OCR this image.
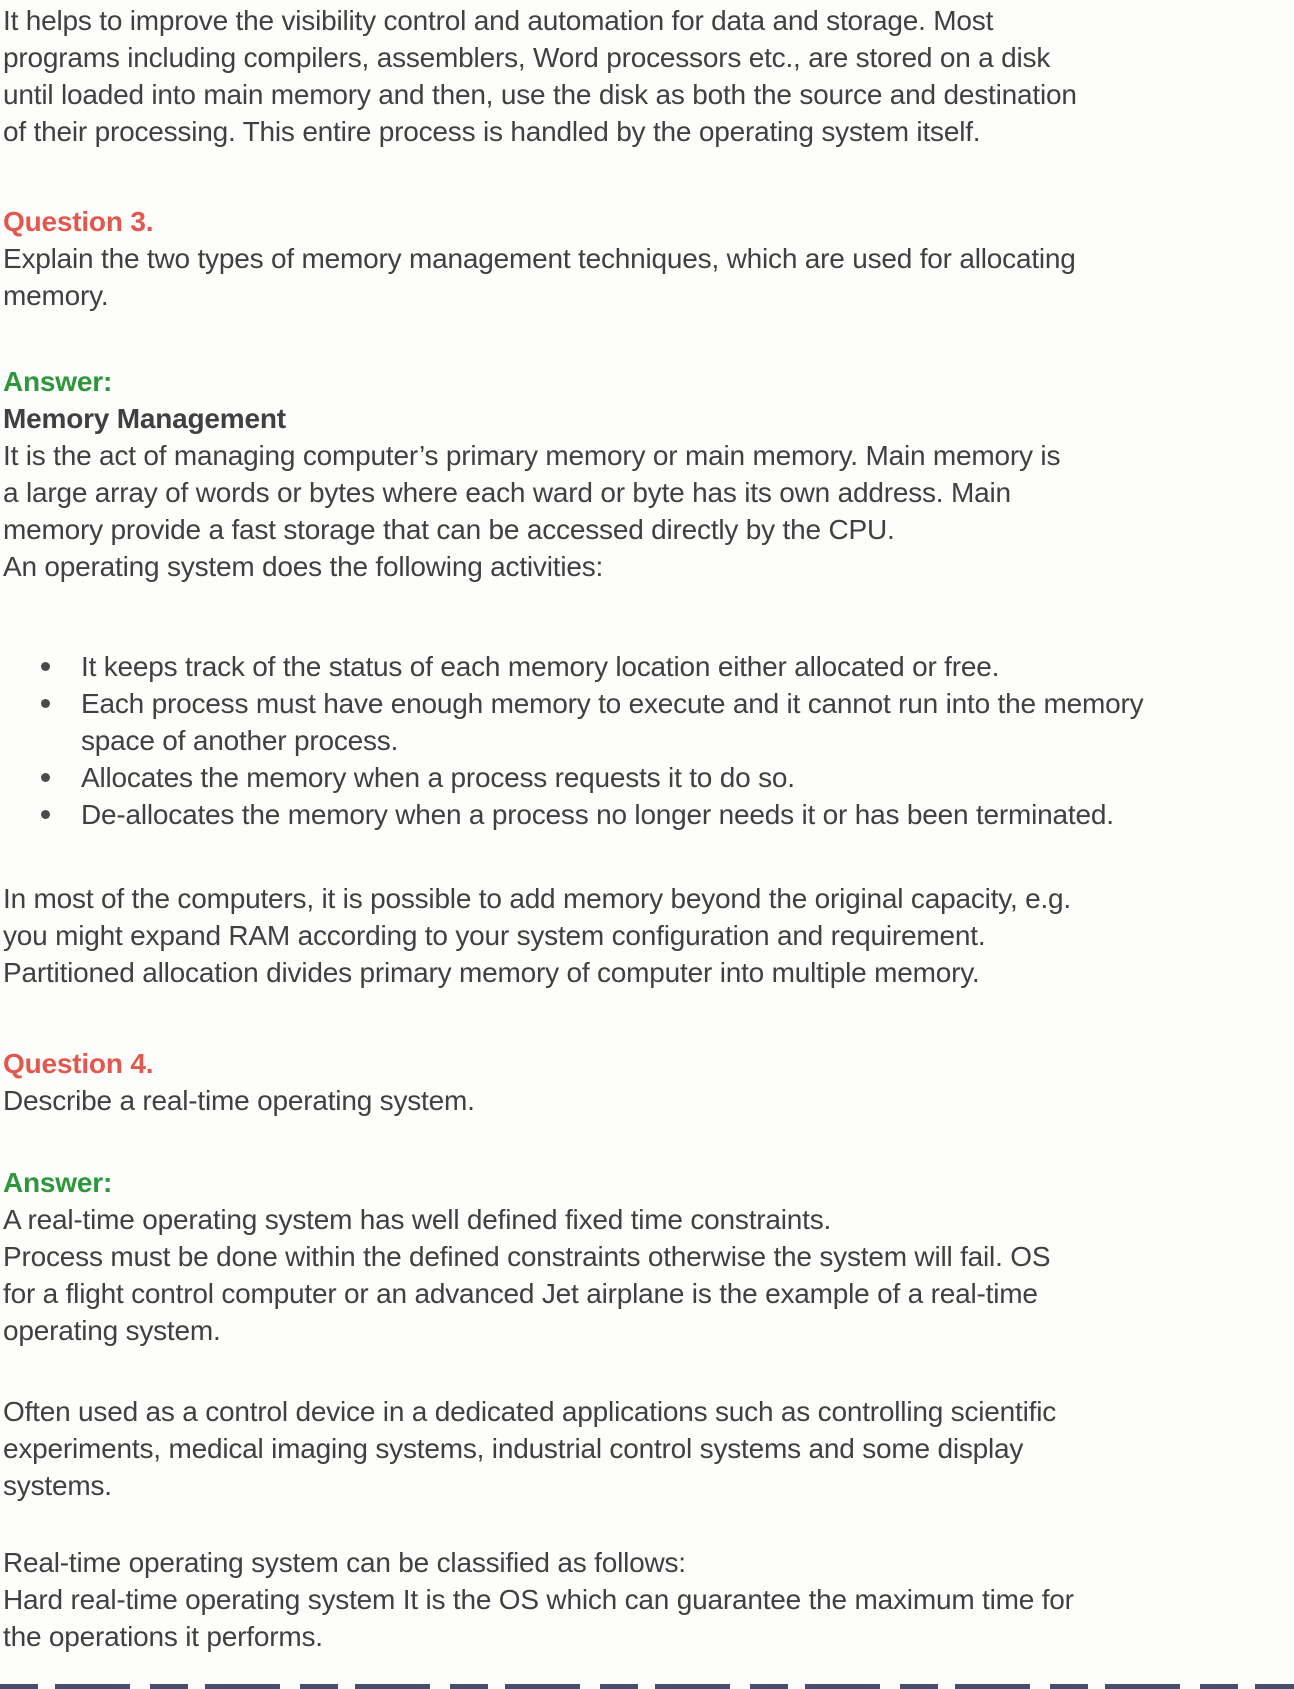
It helps to improve the visibility control and automation for data and storage. Most
programs including compilers, assemblers, Word processors etc., are stored on a disk
until loaded into main memory and then, use the disk as both the source and destination
of their processing. This entire process is handled by the operating system itself.
Question 3.
Explain the two types of memory management techniques, which are used for allocating
memory.
Answer:
Memory Management
It is the act of managing computer’s primary memory or main memory. Main memory is
a large array of words or bytes where each ward or byte has its own address. Main
memory provide a fast storage that can be accessed directly by the CPU.
An operating system does the following activities:
It keeps track of the status of each memory location either allocated or free.
Each process must have enough memory to execute and it cannot run into the memory space of another process.
Allocates the memory when a process requests it to do so.
De-allocates the memory when a process no longer needs it or has been terminated.
In most of the computers, it is possible to add memory beyond the original capacity, e.g.
you might expand RAM according to your system configuration and requirement.
Partitioned allocation divides primary memory of computer into multiple memory.
Question 4.
Describe a real-time operating system.
Answer:
A real-time operating system has well defined fixed time constraints.
Process must be done within the defined constraints otherwise the system will fail. OS
for a flight control computer or an advanced Jet airplane is the example of a real-time
operating system.
Often used as a control device in a dedicated applications such as controlling scientific
experiments, medical imaging systems, industrial control systems and some display
systems.
Real-time operating system can be classified as follows:
Hard real-time operating system It is the OS which can guarantee the maximum time for
the operations it performs.
